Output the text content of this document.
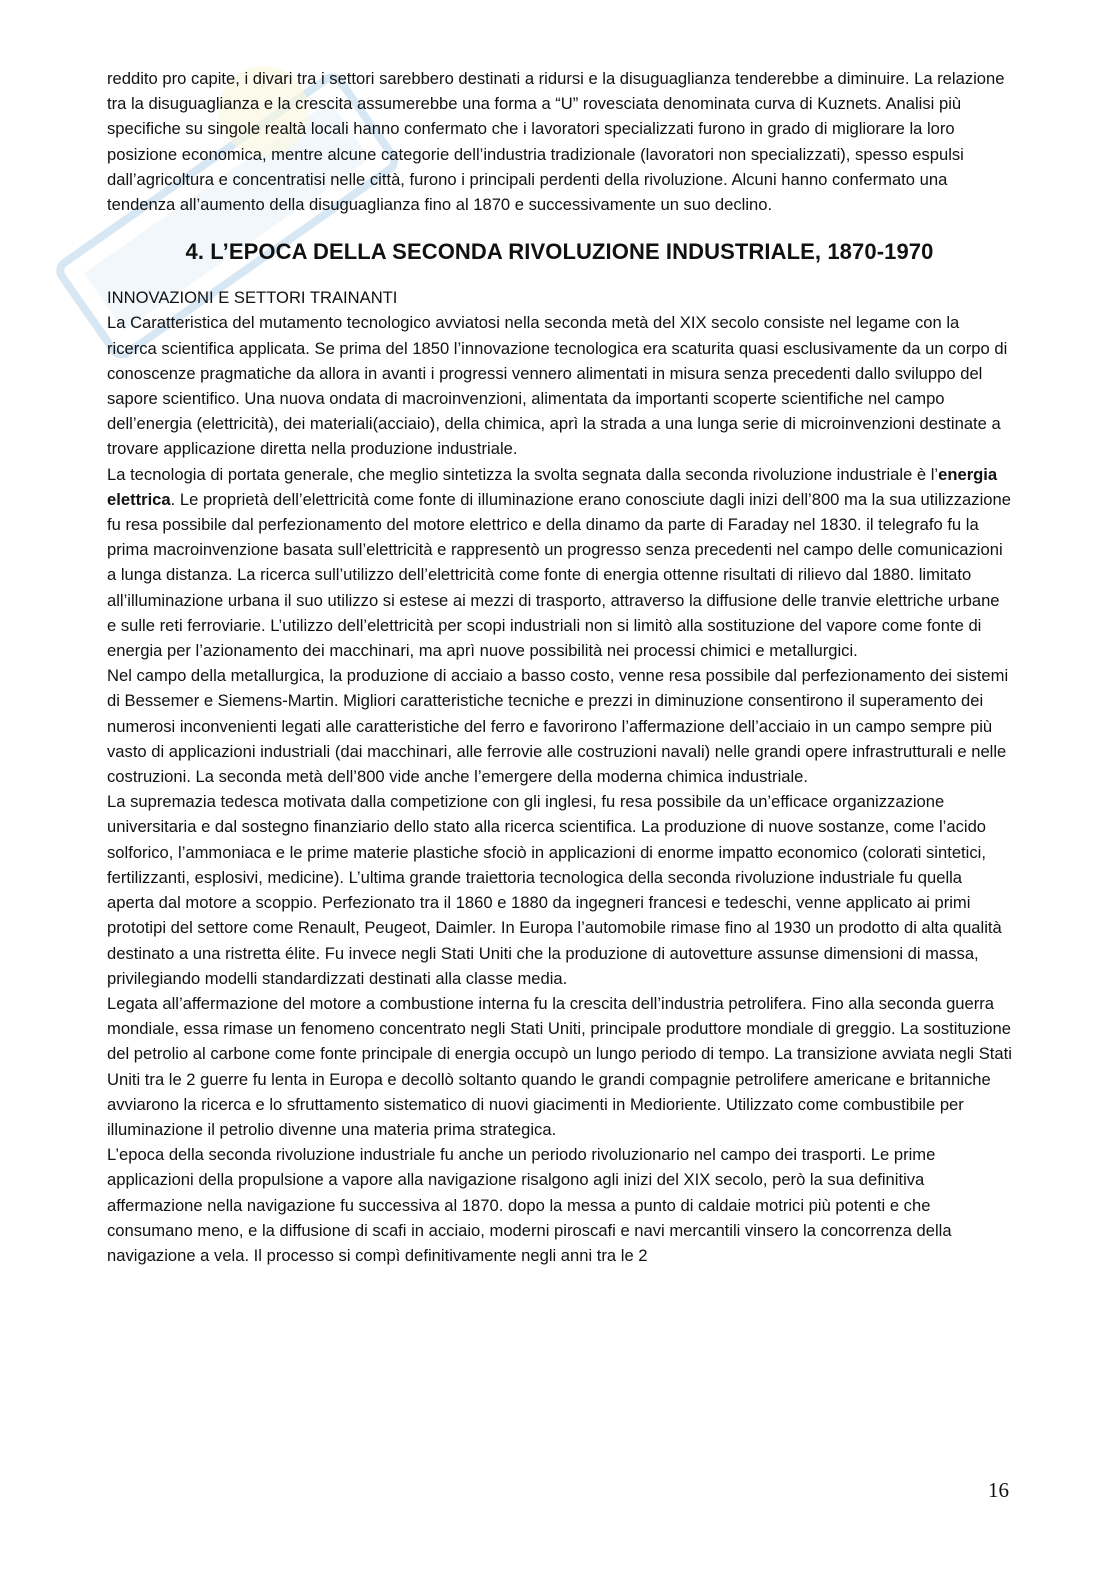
reddito pro capite, i divari tra i settori sarebbero destinati a ridursi e la disuguaglianza tenderebbe a diminuire. La relazione tra la disuguaglianza e la crescita assumerebbe una forma a “U” rovesciata denominata curva di Kuznets. Analisi più specifiche su singole realtà locali hanno confermato che i lavoratori specializzati furono in grado di migliorare la loro posizione economica, mentre alcune categorie dell’industria tradizionale (lavoratori non specializzati), spesso espulsi dall’agricoltura e concentratisi nelle città, furono i principali perdenti della rivoluzione. Alcuni hanno confermato una tendenza all’aumento della disuguaglianza fino al 1870 e successivamente un suo declino.

4. L’EPOCA DELLA SECONDA RIVOLUZIONE INDUSTRIALE, 1870-1970

INNOVAZIONI E SETTORI TRAINANTI

La Caratteristica del mutamento tecnologico avviatosi nella seconda metà del XIX secolo consiste nel legame con la ricerca scientifica applicata. Se prima del 1850 l’innovazione tecnologica era scaturita quasi esclusivamente da un corpo di conoscenze pragmatiche da allora in avanti i progressi vennero alimentati in misura senza precedenti dallo sviluppo del sapore scientifico. Una nuova ondata di macroinvenzioni, alimentata da importanti scoperte scientifiche nel campo dell’energia (elettricità), dei materiali(acciaio), della chimica, aprì la strada a una lunga serie di microinvenzioni destinate a trovare applicazione diretta nella produzione industriale.

La tecnologia di portata generale, che meglio sintetizza la svolta segnata dalla seconda rivoluzione industriale è l’energia elettrica. Le proprietà dell’elettricità come fonte di illuminazione erano conosciute dagli inizi dell’800 ma la sua utilizzazione fu resa possibile dal perfezionamento del motore elettrico e della dinamo da parte di Faraday nel 1830. il telegrafo fu la prima macroinvenzione basata sull’elettricità e rappresentò un progresso senza precedenti nel campo delle comunicazioni a lunga distanza. La ricerca sull’utilizzo dell’elettricità come fonte di energia ottenne risultati di rilievo dal 1880. limitato all’illuminazione urbana il suo utilizzo si estese ai mezzi di trasporto, attraverso la diffusione delle tranvie elettriche urbane e sulle reti ferroviarie. L’utilizzo dell’elettricità per scopi industriali non si limitò alla sostituzione del vapore come fonte di energia per l’azionamento dei macchinari, ma aprì nuove possibilità nei processi chimici e metallurgici.

Nel campo della metallurgica, la produzione di acciaio a basso costo, venne resa possibile dal perfezionamento dei sistemi di Bessemer e Siemens-Martin. Migliori caratteristiche tecniche e prezzi in diminuzione consentirono il superamento dei numerosi inconvenienti legati alle caratteristiche del ferro e favorirono l’affermazione dell’acciaio in un campo sempre più vasto di applicazioni industriali (dai macchinari, alle ferrovie alle costruzioni navali) nelle grandi opere infrastrutturali e nelle costruzioni. La seconda metà dell’800 vide anche l’emergere della moderna chimica industriale.

La supremazia tedesca motivata dalla competizione con gli inglesi, fu resa possibile da un’efficace organizzazione universitaria e dal sostegno finanziario dello stato alla ricerca scientifica. La produzione di nuove sostanze, come l’acido solforico, l’ammoniaca e le prime materie plastiche sfociò in applicazioni di enorme impatto economico (colorati sintetici, fertilizzanti, esplosivi, medicine). L’ultima grande traiettoria tecnologica della seconda rivoluzione industriale fu quella aperta dal motore a scoppio. Perfezionato tra il 1860 e 1880 da ingegneri francesi e tedeschi, venne applicato ai primi prototipi del settore come Renault, Peugeot, Daimler. In Europa l’automobile rimase fino al 1930 un prodotto di alta qualità destinato a una ristretta élite. Fu invece negli Stati Uniti che la produzione di autovetture assunse dimensioni di massa, privilegiando modelli standardizzati destinati alla classe media.

Legata all’affermazione del motore a combustione interna fu la crescita dell’industria petrolifera. Fino alla seconda guerra mondiale, essa rimase un fenomeno concentrato negli Stati Uniti, principale produttore mondiale di greggio. La sostituzione del petrolio al carbone come fonte principale di energia occupò un lungo periodo di tempo. La transizione avviata negli Stati Uniti tra le 2 guerre fu lenta in Europa e decollò soltanto quando le grandi compagnie petrolifere americane e britanniche avviarono la ricerca e lo sfruttamento sistematico di nuovi giacimenti in Medioriente. Utilizzato come combustibile per illuminazione il petrolio divenne una materia prima strategica.

L’epoca della seconda rivoluzione industriale fu anche un periodo rivoluzionario nel campo dei trasporti. Le prime applicazioni della propulsione a vapore alla navigazione risalgono agli inizi del XIX secolo, però la sua definitiva affermazione nella navigazione fu successiva al 1870. dopo la messa a punto di caldaie motrici più potenti e che consumano meno, e la diffusione di scafi in acciaio, moderni piroscafi e navi mercantili vinsero la concorrenza della navigazione a vela. Il processo si compì definitivamente negli anni tra le 2

16
